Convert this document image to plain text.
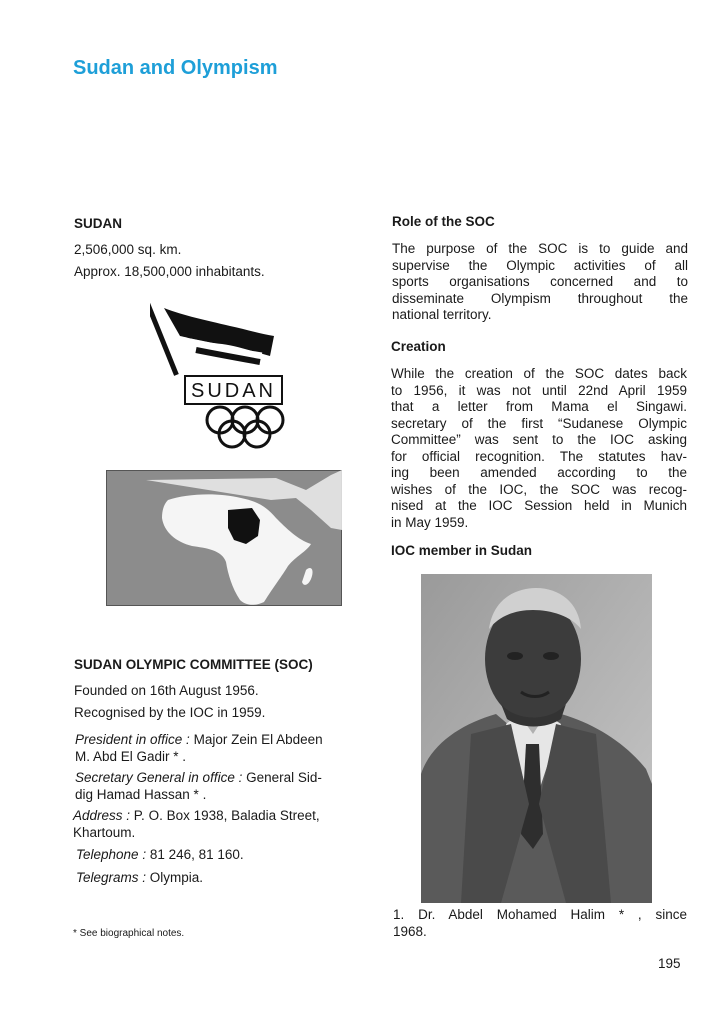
Sudan and Olympism
SUDAN
2,506,000 sq. km.
Approx. 18,500,000 inhabitants.
SUDAN
SUDAN OLYMPIC COMMITTEE (SOC)
Founded on 16th August 1956.
Recognised by the IOC in 1959.
President in office : Major Zein El Abdeen
M. Abd El Gadir * .
Secretary General in office : General Sid-
dig Hamad Hassan * .
Address : P. O. Box 1938, Baladia Street,
Khartoum.
Telephone : 81 246, 81 160.
Telegrams : Olympia.
* See biographical notes.
Role of the SOC
The purpose of the SOC is to guide and
supervise the Olympic activities of all
sports organisations concerned and to
disseminate Olympism throughout the
national territory.
Creation
While the creation of the SOC dates back
to 1956, it was not until 22nd April 1959
that a letter from Mama el Singawi.
secretary of the first “Sudanese Olympic
Committee” was sent to the IOC asking
for official recognition. The statutes hav-
ing been amended according to the
wishes of the IOC, the SOC was recog-
nised at the IOC Session held in Munich
in May 1959.
IOC member in Sudan
1. Dr. Abdel Mohamed Halim * , since
1968.
195
